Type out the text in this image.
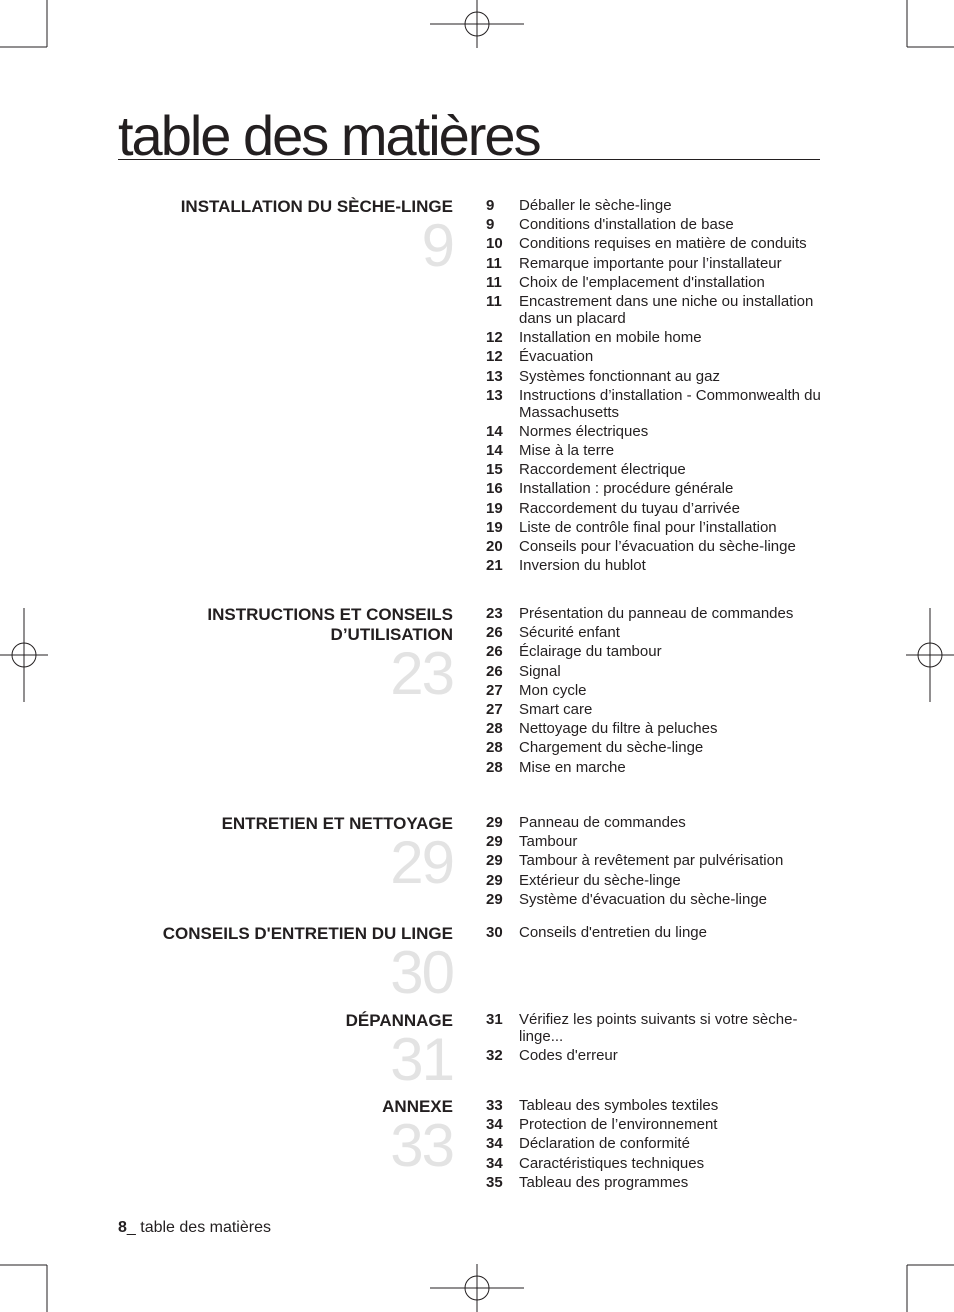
table des matières
INSTALLATION DU SÈCHE-LINGE
9
9	Déballer le sèche-linge
9	Conditions d'installation de base
10	Conditions requises en matière de conduits
11	Remarque importante pour l’installateur
11	Choix de l'emplacement d'installation
11	Encastrement dans une niche ou installation dans un placard
12	Installation en mobile home
12	Évacuation
13	Systèmes fonctionnant au gaz
13	Instructions d’installation - Commonwealth du Massachusetts
14	Normes électriques
14	Mise à la terre
15	Raccordement électrique
16	Installation : procédure générale
19	Raccordement du tuyau d’arrivée
19	Liste de contrôle final pour l’installation
20	Conseils pour l’évacuation du sèche-linge
21	Inversion du hublot
INSTRUCTIONS ET CONSEILS
D’UTILISATION
23
23	Présentation du panneau de commandes
26	Sécurité enfant
26	Éclairage du tambour
26	Signal
27	Mon cycle
27	Smart care
28	Nettoyage du filtre à peluches
28	Chargement du sèche-linge
28	Mise en marche
ENTRETIEN ET NETTOYAGE
29
29	Panneau de commandes
29	Tambour
29	Tambour à revêtement par pulvérisation
29	Extérieur du sèche-linge
29	Système d'évacuation du sèche-linge
CONSEILS D'ENTRETIEN DU LINGE
30
30	Conseils d'entretien du linge
DÉPANNAGE
31
31	Vérifiez les points suivants si votre sèche-linge...
32	Codes d'erreur
ANNEXE
33
33	Tableau des symboles textiles
34	Protection de l’environnement
34	Déclaration de conformité
34	Caractéristiques techniques
35	Tableau des programmes
8_ table des matières
